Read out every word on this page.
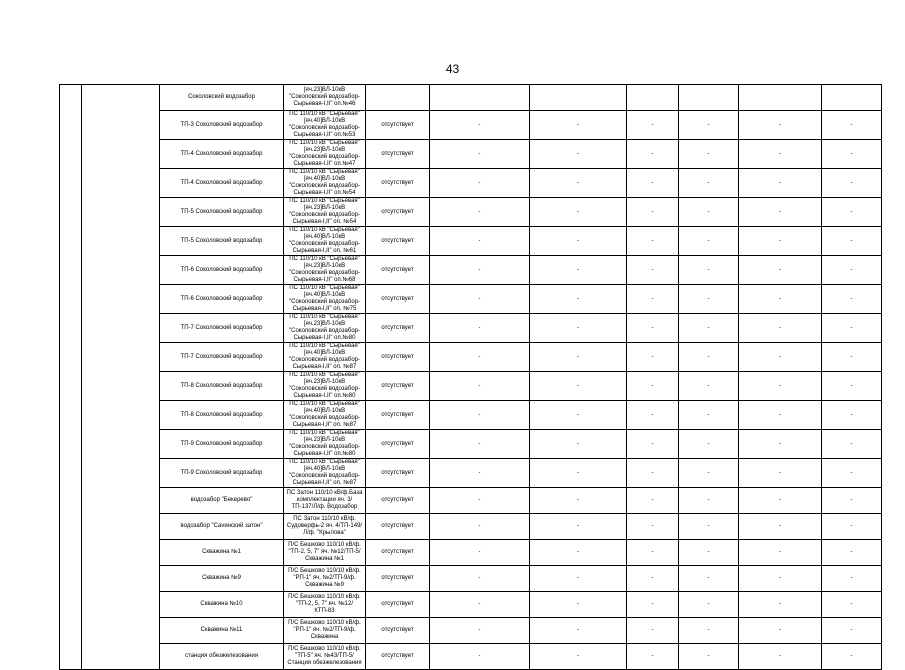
43
		Соколовский водозабор	[яч.23]ВЛ-10кВ "Соколовский водозабор-Сырьевая-I,II" оп.№46							
		ТП-3 Соколовский водозабор	ПС 110/10 кВ "Сырьевая" [яч.40]ВЛ-10кВ "Соколовский водозабор-Сырьевая-I,II" оп.№53	отсутствует	-	-	-	-	-	-
		ТП-4 Соколовский водозабор	ПС 110/10 кВ "Сырьевая" [яч.23]ВЛ-10кВ "Соколовский водозабор-Сырьевая-I,II" оп.№47	отсутствует	-	-	-	-	-	-
		ТП-4 Соколовский водозабор	ПС 110/10 кВ "Сырьевая" [яч.40]ВЛ-10кВ "Соколовский водозабор-Сырьевая-I,II" оп.№54	отсутствует	-	-	-	-	-	-
		ТП-5 Соколовский водозабор	ПС 110/10 кВ "Сырьевая" [яч.23]ВЛ-10кВ "Соколовский водозабор-Сырьевая-I,II" оп. №54	отсутствует	-	-	-	-	-	-
		ТП-5 Соколовский водозабор	ПС 110/10 кВ "Сырьевая" [яч.40]ВЛ-10кВ "Соколовский водозабор-Сырьевая-I,II" оп. №61	отсутствует	-	-	-	-	-	-
		ТП-6 Соколовский водозабор	ПС 110/10 кВ "Сырьевая" [яч.23]ВЛ-10кВ "Соколовский водозабор-Сырьевая-I,II" оп.№68	отсутствует	-	-	-	-	-	-
		ТП-6 Соколовский водозабор	ПС 110/10 кВ "Сырьевая" [яч.40]ВЛ-10кВ "Соколовский водозабор-Сырьевая-I,II" оп. №75	отсутствует	-	-	-	-	-	-
		ТП-7 Соколовский водозабор	ПС 110/10 кВ "Сырьевая" [яч.23]ВЛ-10кВ "Соколовский водозабор-Сырьевая-I,II" оп.№80	отсутствует	-	-	-	-	-	-
		ТП-7 Соколовский водозабор	ПС 110/10 кВ "Сырьевая" [яч.40]ВЛ-10кВ "Соколовский водозабор-Сырьевая-I,II" оп. №87	отсутствует	-	-	-	-	-	-
		ТП-8 Соколовский водозабор	ПС 110/10 кВ "Сырьевая" [яч.23]ВЛ-10кВ "Соколовский водозабор-Сырьевая-I,II" оп.№80	отсутствует	-	-	-	-	-	-
		ТП-8 Соколовский водозабор	ПС 110/10 кВ "Сырьевая" [яч.40]ВЛ-10кВ "Соколовский водозабор-Сырьевая-I,II" оп. №87	отсутствует	-	-	-	-	-	-
		ТП-9 Соколовский водозабор	ПС 110/10 кВ "Сырьевая" [яч.23]ВЛ-10кВ "Соколовский водозабор-Сырьевая-I,II" оп.№80	отсутствует	-	-	-	-	-	-
		ТП-9 Соколовский водозабор	ПС 110/10 кВ "Сырьевая" [яч.40]ВЛ-10кВ "Соколовский водозабор-Сырьевая-I,II" оп. №87	отсутствует	-	-	-	-	-	-
		водозабор "Бекерево"	ПС Затон 110/10 кВ/ф.База комплектации яч. 3/ТП-137/Л/ф. Водозабор	отсутствует	-	-	-	-	-	-
		водозабор "Саvинский затон"	ПС Затон 110/10 кВ/ф. Судоверфь-2 яч. 4/ТП-149/Л/ф. "Крылова"	отсутствует	-	-	-	-	-	-
		Скважина №1	П/С Бешково 110/10 кВ/ф. "ТП-2, 5, 7" яч. №12/ТП-5/Скважина №1	отсутствует	-	-	-	-	-	-
		Скважина №9	П/С Бешково 110/10 кВ/ф. "РП-1" яч. №2/ТП-9/ф. Скважина №9	отсутствует	-	-	-	-	-	-
		Скважина №10	П/С Бешково 110/10 кВ/ф. "ТП-2, 5, 7" яч. №12/КТП-83	отсутствует	-	-	-	-	-	-
		Скважина №11	П/С Бешково 110/10 кВ/ф. "РП-1" яч. №2/ТП-9/ф. Скважина	отсутствует	-	-	-	-	-	-
		станция обезжелезования	П/С Бешково 110/10 кВ/ф. "ТП-5" яч. №43/ТП-5/Станция обезжелезования	отсутствует	-	-	-	-	-	-
